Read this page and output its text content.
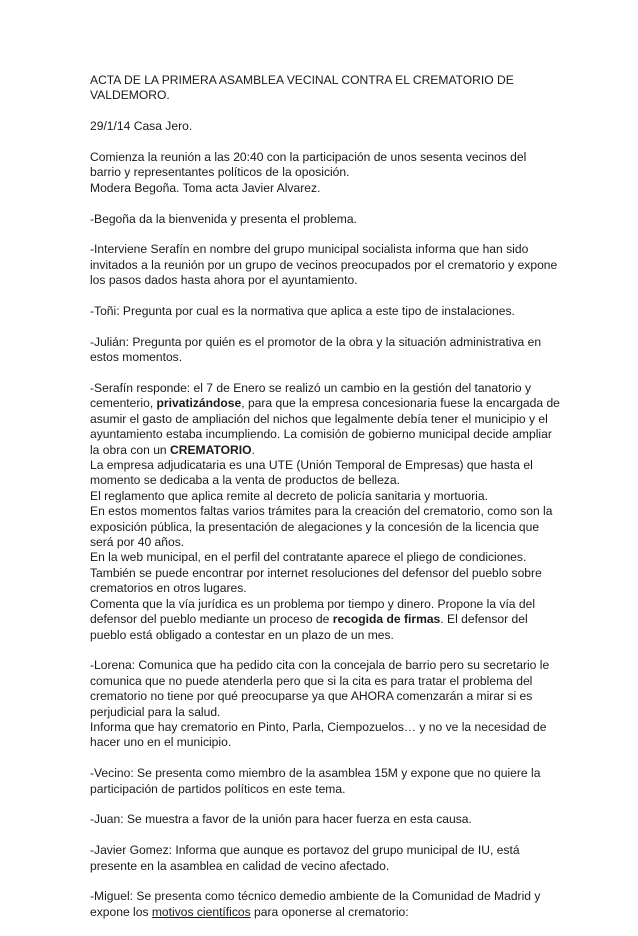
ACTA DE LA PRIMERA ASAMBLEA VECINAL CONTRA EL CREMATORIO DE VALDEMORO.

29/1/14 Casa Jero.

Comienza la reunión a las 20:40 con la participación de unos sesenta vecinos del barrio y representantes políticos de la oposición.
Modera Begoña. Toma acta Javier Alvarez.

-Begoña da la bienvenida y presenta el problema.

-Interviene Serafín en nombre del grupo municipal socialista informa que han sido invitados a la reunión por un grupo de vecinos preocupados por el crematorio y expone los pasos dados hasta ahora por el ayuntamiento.

-Toñi: Pregunta por cual es la normativa que aplica a este tipo de instalaciones.

-Julián: Pregunta por quién es el promotor de la obra y la situación administrativa en estos momentos.

-Serafín responde: el 7 de Enero se realizó un cambio en la gestión del tanatorio y cementerio, privatizándose, para que la empresa concesionaria fuese la encargada de asumir el gasto de ampliación del nichos que legalmente debía tener el municipio y el ayuntamiento estaba incumpliendo. La comisión de gobierno municipal decide ampliar la obra con un CREMATORIO.
La empresa adjudicataria es una UTE (Unión Temporal de Empresas) que hasta el momento se dedicaba a la venta de productos de belleza.
El reglamento que aplica remite al decreto de policía sanitaria y mortuoria.
En estos momentos faltas varios trámites para la creación del crematorio, como son la exposición pública, la presentación de alegaciones y la concesión de la licencia que será por 40 años.
En la web municipal, en el perfil del contratante aparece el pliego de condiciones.
También se puede encontrar por internet resoluciones del defensor del pueblo sobre crematorios en otros lugares.
Comenta que la vía jurídica es un problema por tiempo y dinero. Propone la vía del defensor del pueblo mediante un proceso de recogida de firmas. El defensor del pueblo está obligado a contestar en un plazo de un mes.

-Lorena: Comunica que ha pedido cita con la concejala de barrio pero su secretario le comunica que no puede atenderla pero que si la cita es para tratar el problema del crematorio no tiene por qué preocuparse ya que AHORA comenzarán a mirar si es perjudicial para la salud.
Informa que hay crematorio en Pinto, Parla, Ciempozuelos… y no ve la necesidad de hacer uno en el municipio.

-Vecino: Se presenta como miembro de la asamblea 15M y expone que no quiere la participación de partidos políticos en este tema.

-Juan: Se muestra a favor de la unión para hacer fuerza en esta causa.

-Javier Gomez: Informa que aunque es portavoz del grupo municipal de IU, está presente en la asamblea en calidad de vecino afectado.

-Miguel: Se presenta como técnico demedio ambiente de la Comunidad de Madrid y expone los motivos científicos para oponerse al crematorio:
